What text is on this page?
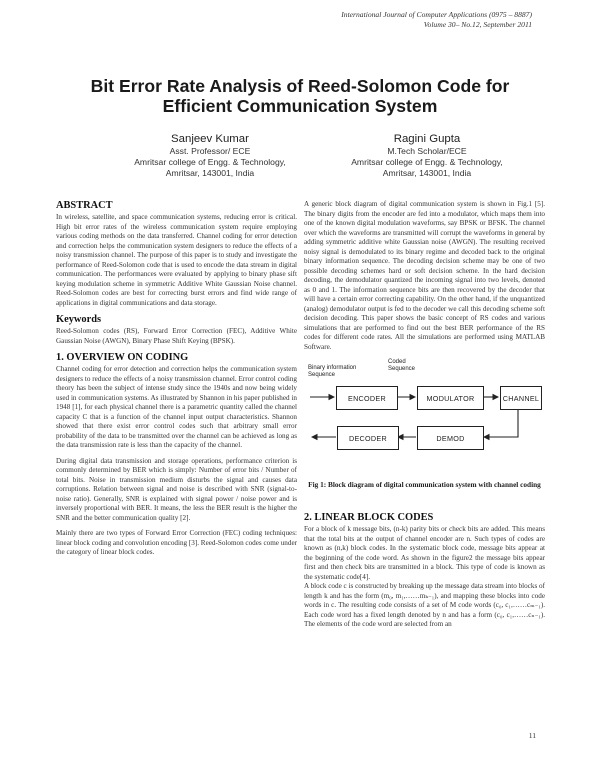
International Journal of Computer Applications (0975 – 8887)
Volume 30– No.12, September 2011
Bit Error Rate Analysis of Reed-Solomon Code for
Efficient Communication System
Sanjeev Kumar
Asst. Professor/ ECE
Amritsar college of Engg. & Technology,
Amritsar, 143001, India
Ragini Gupta
M.Tech Scholar/ECE
Amritsar college of Engg. & Technology,
Amritsar, 143001, India
ABSTRACT

In wireless, satellite, and space communication systems, reducing error is critical. High bit error rates of the wireless communication system require employing various coding methods on the data transferred. Channel coding for error detection and correction helps the communication system designers to reduce the effects of a noisy transmission channel. The purpose of this paper is to study and investigate the performance of Reed-Solomon code that is used to encode the data stream in digital communication. The performances were evaluated by applying to binary phase sift keying modulation scheme in symmetric Additive White Gaussian Noise channel. Reed-Solomon codes are best for correcting burst errors and find wide range of applications in digital communications and data storage.

Keywords

Reed-Solomon codes (RS), Forward Error Correction (FEC), Additive White Gaussian Noise (AWGN), Binary Phase Shift Keying (BPSK).

1. OVERVIEW ON CODING

Channel coding for error detection and correction helps the communication system designers to reduce the effects of a noisy transmission channel. Error control coding theory has been the subject of intense study since the 1940s and now being widely used in communication systems. As illustrated by Shannon in his paper published in 1948 [1], for each physical channel there is a parametric quantity called the channel capacity C that is a function of the channel input output characteristics. Shannon showed that there exist error control codes such that arbitrary small error probability of the data to be transmitted over the channel can be achieved as long as the data transmission rate is less than the capacity of the channel.

During digital data transmission and storage operations, performance criterion is commonly determined by BER which is simply: Number of error bits / Number of total bits. Noise in transmission medium disturbs the signal and causes data corruptions. Relation between signal and noise is described with SNR (signal-to-noise ratio). Generally, SNR is explained with signal power / noise power and is inversely proportional with BER. It means, the less the BER result is the higher the SNR and the better communication quality [2].

Mainly there are two types of Forward Error Correction (FEC) coding techniques: linear block coding and convolution encoding [3]. Reed-Solomon codes come under the category of linear block codes.

A generic block diagram of digital communication system is shown in Fig.1 [5]. The binary digits from the encoder are fed into a modulator, which maps them into one of the known digital modulation waveforms, say BPSK or BFSK. The channel over which the waveforms are transmitted will corrupt the waveforms in general by adding symmetric additive white Gaussian noise (AWGN). The resulting received noisy signal is demodulated to its binary regime and decoded back to the original binary information sequence. The decoding decision scheme may be one of two possible decoding schemes hard or soft decision scheme. In the hard decision decoding, the demodulator quantized the incoming signal into two levels, denoted as 0 and 1. The information sequence bits are then recovered by the decoder that will have a certain error correcting capability. On the other hand, if the unquantized (analog) demodulator output is fed to the decoder we call this decoding scheme soft decision decoding. This paper shows the basic concept of RS codes and various simulations that are performed to find out the best BER performance of the RS codes for different code rates. All the simulations are performed using MATLAB Software.

Binary information Sequence
Coded Sequence
ENCODER	MODULATOR	CHANNEL
DECODER	DEMOD
Fig 1: Block diagram of digital communication system with channel coding
2. LINEAR BLOCK CODES

For a block of k message bits, (n-k) parity bits or check bits are added. This means that the total bits at the output of channel encoder are n. Such types of codes are known as (n,k) block codes. In the systematic block code, message bits appear at the beginning of the code word. As shown in the figure2 the message bits appear first and then check bits are transmitted in a block. This type of code is known as the systematic code[4].

A block code c is constructed by breaking up the message data stream into blocks of length k and has the form (m₀, m₁,……mₖ₋₁), and mapping these blocks into code words in c. The resulting code consists of a set of M code words (c₀, c₁,……cₘ₋₁). Each code word has a fixed length denoted by n and has a form (c₀, c₁,……cₙ₋₁). The elements of the code word are selected from an

11
